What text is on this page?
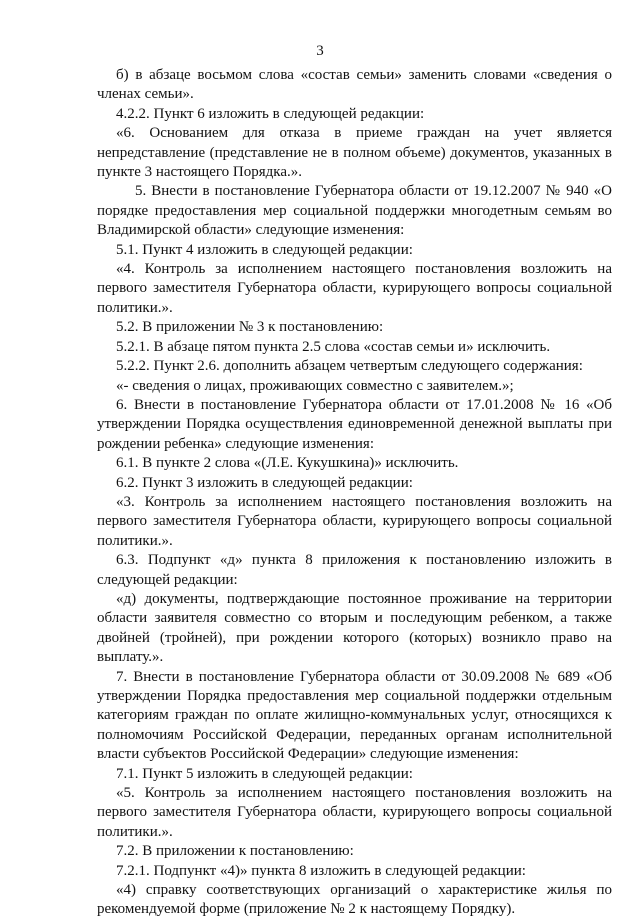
3

б) в абзаце восьмом слова «состав семьи» заменить словами «сведения о членах семьи».

4.2.2. Пункт 6 изложить в следующей редакции:

«6. Основанием для отказа в приеме граждан на учет является непредставление (представление не в полном объеме) документов, указанных в пункте 3 настоящего Порядка.».

5. Внести в постановление Губернатора области от 19.12.2007 № 940 «О порядке предоставления мер социальной поддержки многодетным семьям во Владимирской области» следующие изменения:

5.1. Пункт 4 изложить в следующей редакции:

«4. Контроль за исполнением настоящего постановления возложить на первого заместителя Губернатора области, курирующего вопросы социальной политики.».

5.2. В приложении № 3 к постановлению:

5.2.1. В абзаце пятом пункта 2.5 слова «состав семьи и» исключить.

5.2.2. Пункт 2.6. дополнить абзацем четвертым следующего содержания:

«- сведения о лицах, проживающих совместно с заявителем.»;

6. Внести в постановление Губернатора области от 17.01.2008 № 16 «Об утверждении Порядка осуществления единовременной денежной выплаты при рождении ребенка» следующие изменения:

6.1. В пункте 2 слова «(Л.Е. Кукушкина)» исключить.

6.2. Пункт 3 изложить в следующей редакции:

«3. Контроль за исполнением настоящего постановления возложить на первого заместителя Губернатора области, курирующего вопросы социальной политики.».

6.3. Подпункт «д» пункта 8 приложения к постановлению изложить в следующей редакции:

«д) документы, подтверждающие постоянное проживание на территории области заявителя совместно со вторым и последующим ребенком, а также двойней (тройней), при рождении которого (которых) возникло право на выплату.».

7. Внести в постановление Губернатора области от 30.09.2008 № 689 «Об утверждении Порядка предоставления мер социальной поддержки отдельным категориям граждан по оплате жилищно-коммунальных услуг, относящихся к полномочиям Российской Федерации, переданных органам исполнительной власти субъектов Российской Федерации» следующие изменения:

7.1. Пункт 5 изложить в следующей редакции:

«5. Контроль за исполнением настоящего постановления возложить на первого заместителя Губернатора области, курирующего вопросы социальной политики.».

7.2. В приложении к постановлению:

7.2.1. Подпункт «4)» пункта 8 изложить в следующей редакции:

«4) справку соответствующих организаций о характеристике жилья по рекомендуемой форме (приложение № 2 к настоящему Порядку).
